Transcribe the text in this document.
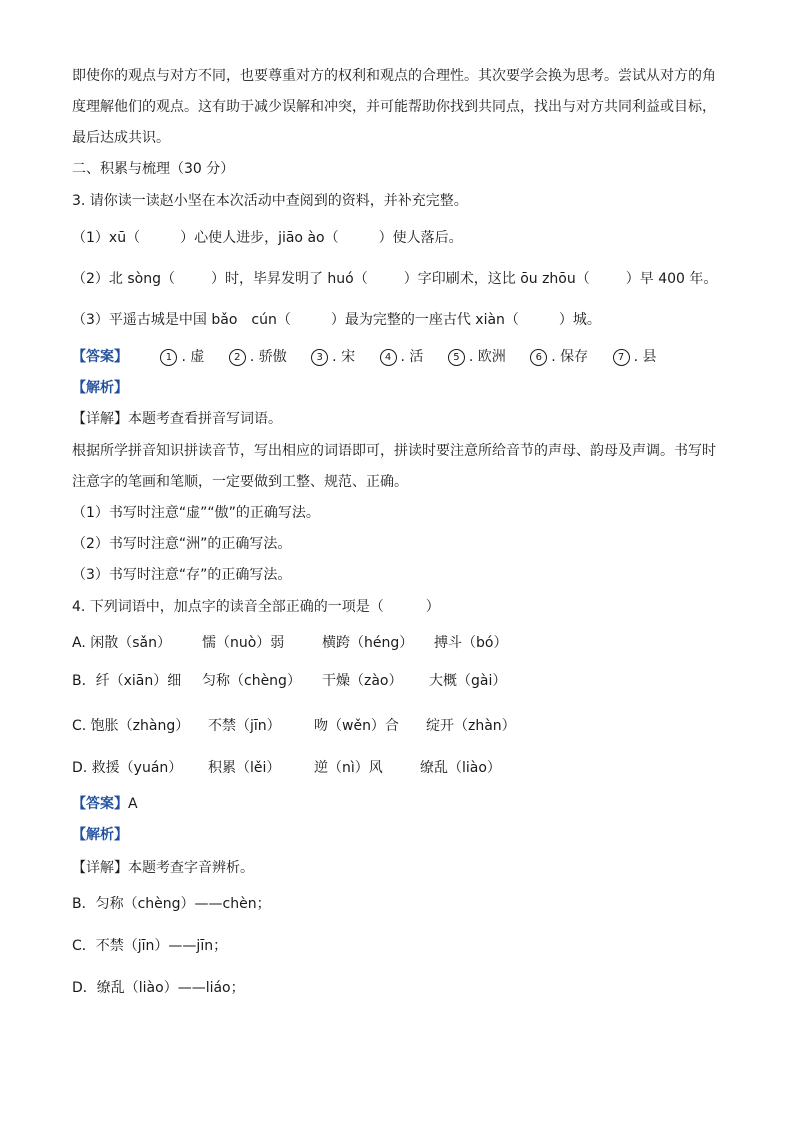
即使你的观点与对方不同，也要尊重对方的权利和观点的合理性。其次要学会换为思考。尝试从对方的角
度理解他们的观点。这有助于减少误解和冲突，并可能帮助你找到共同点，找出与对方共同利益或目标，
最后达成共识。
二、积累与梳理（30 分）
3. 请你读一读赵小坚在本次活动中查阅到的资料，并补充完整。
（1）xū（	）心使人进步，jiāo ào（	）使人落后。
（2）北 sòng（	）时，毕昇发明了 huó（	）字印刷术，这比 ōu zhōu（	）早 400 年。
（3）平遥古城是中国 bǎo　cún（	）最为完整的一座古代 xiàn（	）城。
【答案】	1 . 虚	2 . 骄傲	3 . 宋	4 . 活	5 . 欧洲	6 . 保存	7 . 县
【解析】
【详解】本题考查看拼音写词语。
根据所学拼音知识拼读音节，写出相应的词语即可，拼读时要注意所给音节的声母、韵母及声调。书写时
注意字的笔画和笔顺，一定要做到工整、规范、正确。
（1）书写时注意“虚”“傲”的正确写法。
（2）书写时注意“洲”的正确写法。
（3）书写时注意“存”的正确写法。
4. 下列词语中，加点字的读音全部正确的一项是（　　　）
A. 闲散（sǎn） 懦（nuò）弱	横跨（héng） 搏斗（bó）
B．纤（xiān）细 匀称（chèng） 干燥（zào） 大概（gài）
C. 饱胀（zhàng） 不禁（jīn） 吻（wěn）合 绽开（zhàn）
D. 救援（yuán） 积累（lěi） 逆（nì）风	缭乱（liào）
【答案】A
【解析】
【详解】本题考查字音辨析。
B．匀称（chèng）——chèn；
C．不禁（jīn）——jīn；
D．缭乱（liào）——liáo；
